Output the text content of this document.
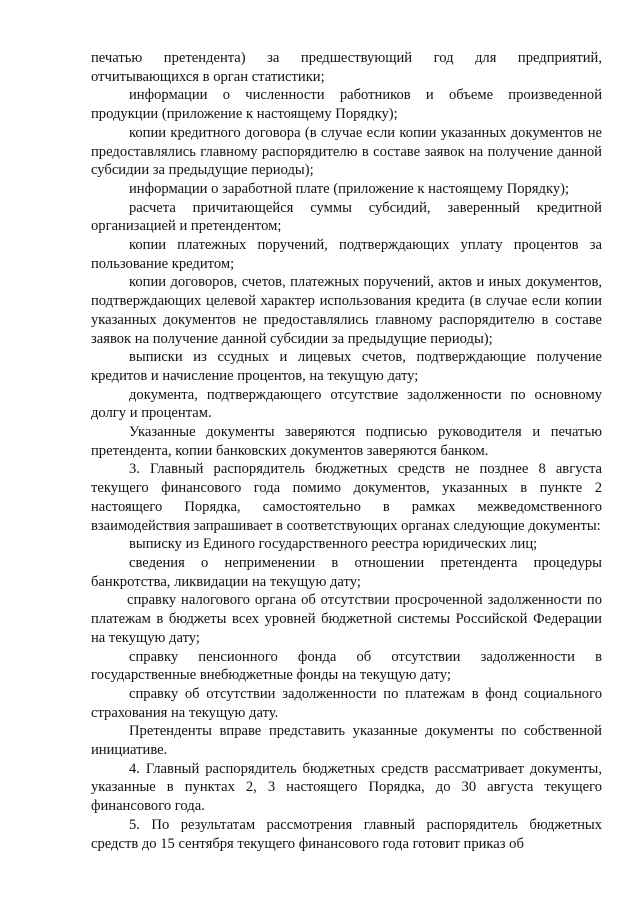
печатью претендента) за предшествующий год для предприятий, отчитывающихся в орган статистики;

информации о численности работников и объеме произведенной продукции (приложение к настоящему Порядку);

копии кредитного договора (в случае если копии указанных документов не предоставлялись главному распорядителю в составе заявок на получение данной субсидии за предыдущие периоды);

информации о заработной плате (приложение к настоящему Порядку);

расчета причитающейся суммы субсидий, заверенный кредитной организацией и претендентом;

копии платежных поручений, подтверждающих уплату процентов за пользование кредитом;

копии договоров, счетов, платежных поручений, актов и иных документов, подтверждающих целевой характер использования кредита (в случае если копии указанных документов не предоставлялись главному распорядителю в составе заявок на получение данной субсидии за предыдущие периоды);

выписки из ссудных и лицевых счетов, подтверждающие получение кредитов и начисление процентов, на текущую дату;

документа, подтверждающего отсутствие задолженности по основному долгу и процентам.

Указанные документы заверяются подписью руководителя и печатью претендента, копии банковских документов заверяются банком.

3. Главный распорядитель бюджетных средств не позднее 8 августа текущего финансового года помимо документов, указанных в пункте 2 настоящего Порядка, самостоятельно в рамках межведомственного взаимодействия запрашивает в соответствующих органах следующие документы:

выписку из Единого государственного реестра юридических лиц;

сведения о неприменении в отношении претендента процедуры банкротства, ликвидации на текущую дату;

справку налогового органа об отсутствии просроченной задолженности по платежам в бюджеты всех уровней бюджетной системы Российской Федерации на текущую дату;

справку пенсионного фонда об отсутствии задолженности в государственные внебюджетные фонды на текущую дату;

справку об отсутствии задолженности по платежам в фонд социального страхования на текущую дату.

Претенденты вправе представить указанные документы по собственной инициативе.

4. Главный распорядитель бюджетных средств рассматривает документы, указанные в пунктах 2, 3 настоящего Порядка, до 30 августа текущего финансового года.

5. По результатам рассмотрения главный распорядитель бюджетных средств до 15 сентября текущего финансового года готовит приказ об
